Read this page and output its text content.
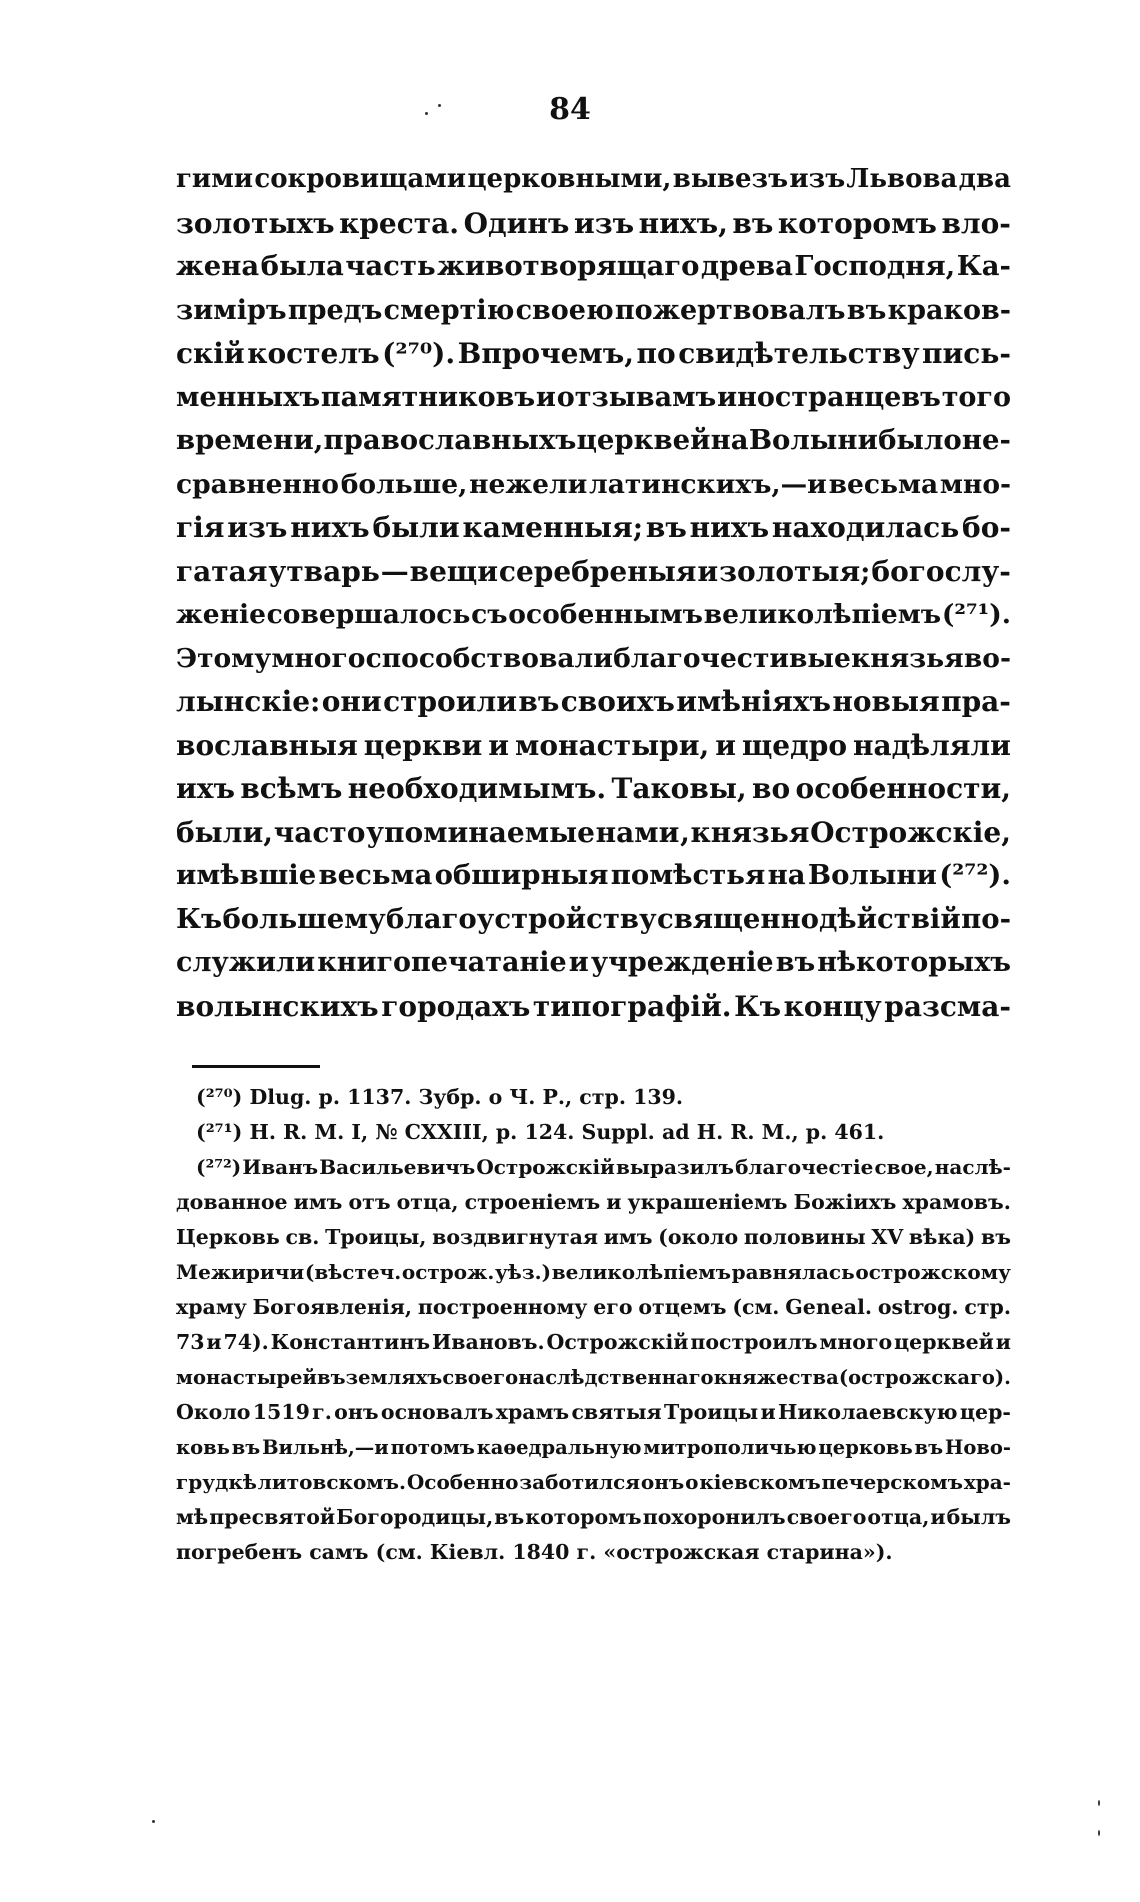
84
гими сокровищами церковными, вывезъ изъ Львова два
золотыхъ креста. Одинъ изъ нихъ, въ которомъ вло-
жена была часть животворящаго древа Господня, Ка-
зиміръ предъ смертію своею пожертвовалъ въ краков-
скій костелъ (²⁷⁰). Впрочемъ, по свидѣтельству пись-
менныхъ памятниковъ и отзывамъ иностранцевъ того
времени, православныхъ церквей на Волыни было не-
сравненно больше, нежели латинскихъ,—и весьма мно-
гія изъ нихъ были каменныя; въ нихъ находилась бо-
гатая утварь — вещи серебреныя и золотыя; богослу-
женіе совершалось съ особеннымъ великолѣпіемъ (²⁷¹).
Этому много способствовали благочестивые князья во-
лынскіе: они строили въ своихъ имѣніяхъ новыя пра-
вославныя церкви и монастыри, и щедро надѣляли
ихъ всѣмъ необходимымъ. Таковы, во особенности,
были, часто упоминаемые нами , князья Острожскіе,
имѣвшіе весьма обширныя помѣстья на Волыни (²⁷²).
Къ большему благоустройству священнодѣйствій по-
служили книгопечатаніе и учрежденіе въ нѣкоторыхъ
волынскихъ городахъ типографій. Къ концу разсма-
(²⁷⁰) Dlug. p. 1137. Зубр. о Ч. Р., стр. 139.
(²⁷¹) H. R. M. I, № CXXIII, p. 124. Suppl. ad H. R. M., p. 461.
(²⁷²) Иванъ Васильевичъ Острожскій выразилъ благочестіе свое, наслѣ-
дованное имъ отъ отца, строеніемъ и украшеніемъ Божіихъ храмовъ.
Церковь св. Троицы, воздвигнутая имъ (около половины XV вѣка) въ
Межиричи (вѣстеч. острож. уѣз.) великолѣпіемъ равнялась острожскому
храму Богоявленія, построенному его отцемъ (см. Geneal. ostrog. стр.
73 и 74). Константинъ Ивановъ. Острожскій построилъ много церквей и
монастырей въ земляхъ своего наслѣдственнаго княжества (острожскаго).
Около 1519 г. онъ основалъ храмъ святыя Троицы и Николаевскую цер-
ковь въ Вильнѣ,—и потомъ каѳедральную митрополичью церковь въ Ново-
грудкѣ литовскомъ. Особенно заботился онъ о кіевскомъ печерскомъ хра-
мѣ пресвятой Богородицы, въ которомъ похоронилъ своего отца, и былъ
погребенъ самъ (см. Кіевл. 1840 г. «острожская старина»).
